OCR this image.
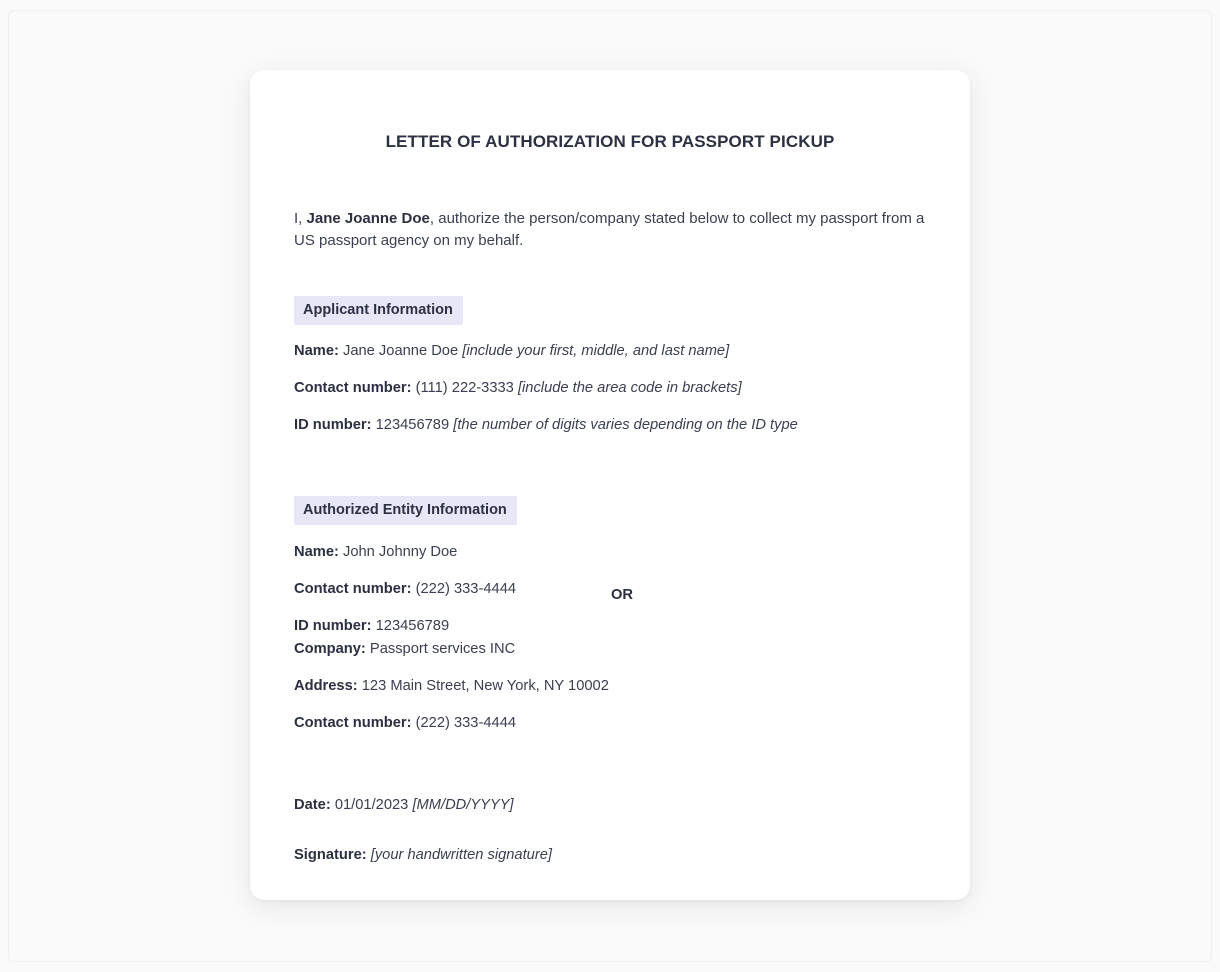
LETTER OF AUTHORIZATION FOR PASSPORT PICKUP

I, Jane Joanne Doe, authorize the person/company stated below to collect my passport from a US passport agency on my behalf.

Applicant Information
Name: Jane Joanne Doe [include your first, middle, and last name]
Contact number: (111) 222-3333 [include the area code in brackets]
ID number: 123456789 [the number of digits varies depending on the ID type
Authorized Entity Information
Name: John Johnny Doe
Contact number: (222) 333-4444
ID number: 123456789
OR
Company: Passport services INC
Address: 123 Main Street, New York, NY 10002
Contact number: (222) 333-4444
Date: 01/01/2023 [MM/DD/YYYY]
Signature: [your handwritten signature]
